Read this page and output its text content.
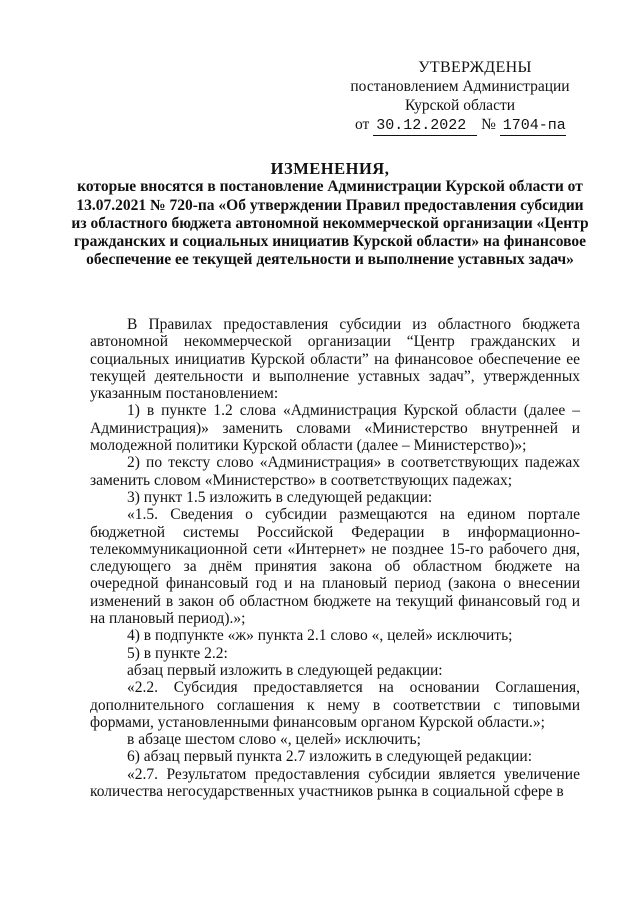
УТВЕРЖДЕНЫ
постановлением Администрации
Курской области
от 30.12.2022 № 1704-па
ИЗМЕНЕНИЯ,
которые вносятся в постановление Администрации Курской области от 13.07.2021 № 720-па «Об утверждении Правил предоставления субсидии из областного бюджета автономной некоммерческой организации «Центр гражданских и социальных инициатив Курской области» на финансовое обеспечение ее текущей деятельности и выполнение уставных задач»

В Правилах предоставления субсидии из областного бюджета автономной некоммерческой организации “Центр гражданских и социальных инициатив Курской области” на финансовое обеспечение ее текущей деятельности и выполнение уставных задач”, утвержденных указанным постановлением:

1) в пункте 1.2 слова «Администрация Курской области (далее – Администрация)» заменить словами «Министерство внутренней и молодежной политики Курской области (далее – Министерство)»;

2) по тексту слово «Администрация» в соответствующих падежах заменить словом «Министерство» в соответствующих падежах;

3) пункт 1.5 изложить в следующей редакции:

«1.5. Сведения о субсидии размещаются на едином портале бюджетной системы Российской Федерации в информационно-телекоммуникационной сети «Интернет» не позднее 15-го рабочего дня, следующего за днём принятия закона об областном бюджете на очередной финансовый год и на плановый период (закона о внесении изменений в закон об областном бюджете на текущий финансовый год и на плановый период).»;

4) в подпункте «ж» пункта 2.1 слово «, целей» исключить;

5) в пункте 2.2:

абзац первый изложить в следующей редакции:

«2.2. Субсидия предоставляется на основании Соглашения, дополнительного соглашения к нему в соответствии с типовыми формами, установленными финансовым органом Курской области.»;

в абзаце шестом слово «, целей» исключить;

6) абзац первый пункта 2.7 изложить в следующей редакции:

«2.7. Результатом предоставления субсидии является увеличение количества негосударственных участников рынка в социальной сфере в
